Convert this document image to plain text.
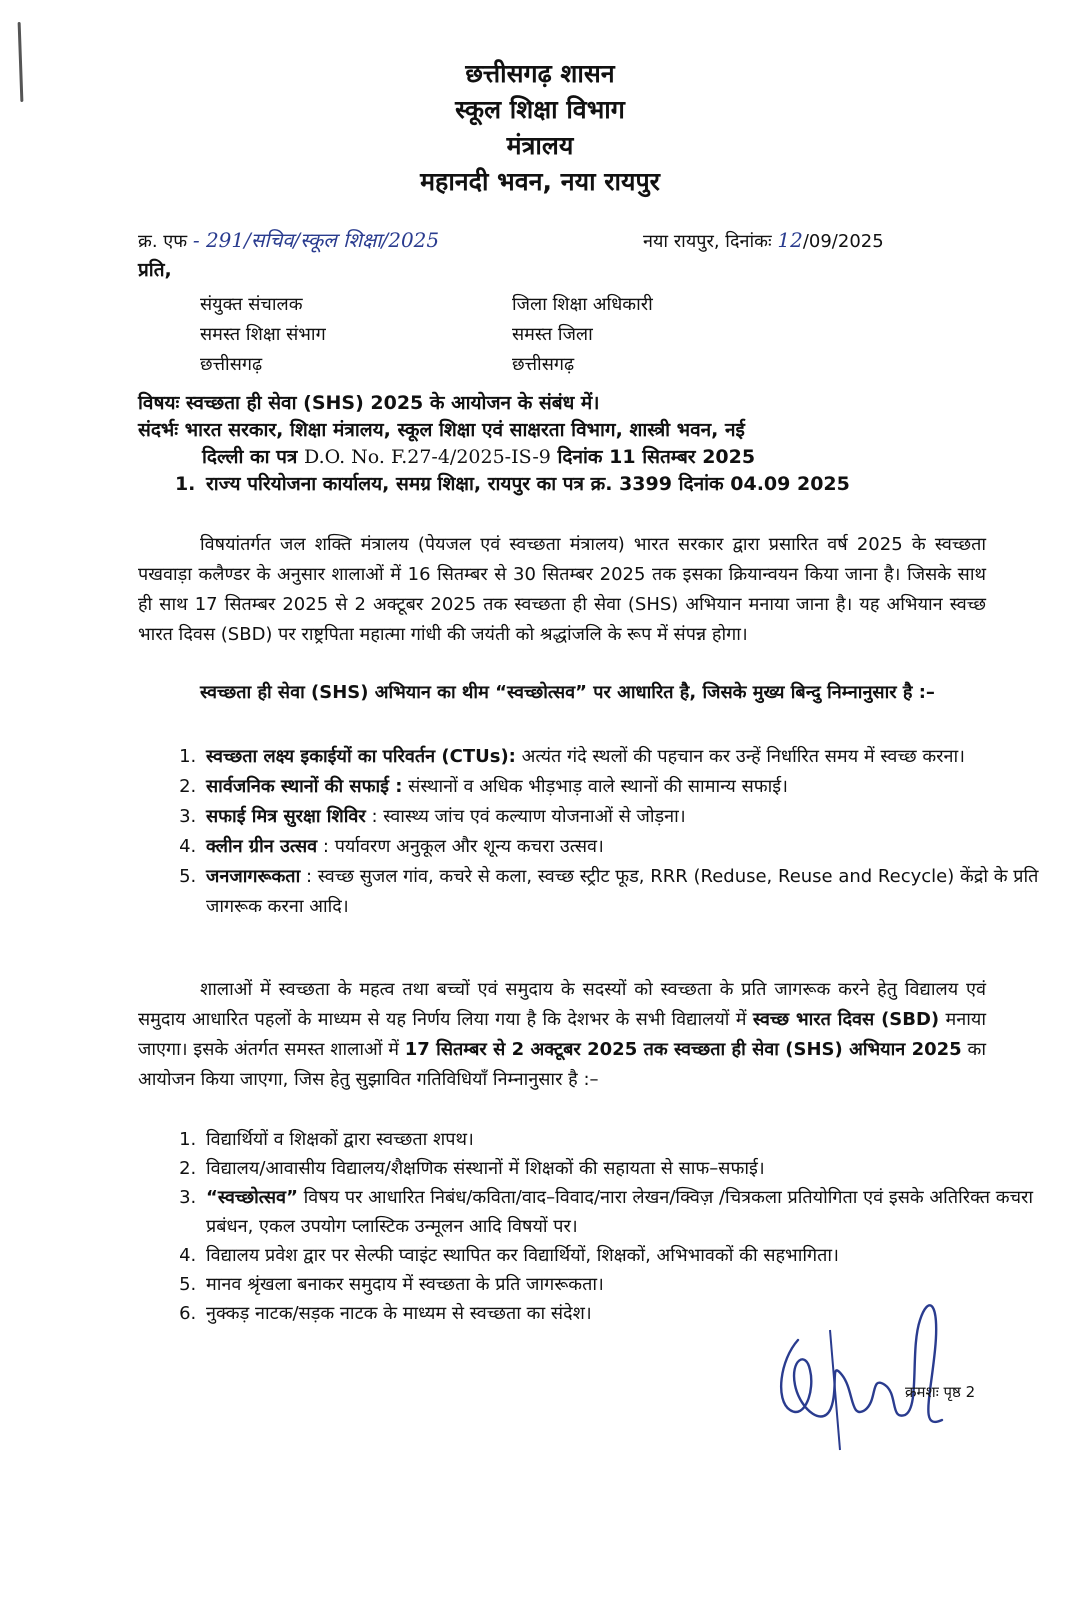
छत्तीसगढ़ शासन
स्कूल शिक्षा विभाग
मंत्रालय
महानदी भवन, नया रायपुर
क्र. एफ - 291/सचिव/स्कूल शिक्षा/2025	नया रायपुर, दिनांकः 12/09/2025
प्रति,
संयुक्त संचालक
समस्त शिक्षा संभाग
छत्तीसगढ़
जिला शिक्षा अधिकारी
समस्त जिला
छत्तीसगढ़
विषयः स्वच्छता ही सेवा (SHS) 2025 के आयोजन के संबंध में।
संदर्भः भारत सरकार, शिक्षा मंत्रालय, स्कूल शिक्षा एवं साक्षरता विभाग, शास्त्री भवन, नई
दिल्ली का पत्र D.O. No. F.27-4/2025-IS-9 दिनांक 11 सितम्बर 2025
1. राज्य परियोजना कार्यालय, समग्र शिक्षा, रायपुर का पत्र क्र. 3399 दिनांक 04.09 2025
विषयांतर्गत जल शक्ति मंत्रालय (पेयजल एवं स्वच्छता मंत्रालय) भारत सरकार द्वारा प्रसारित वर्ष 2025 के स्वच्छता पखवाड़ा कलैण्डर के अनुसार शालाओं में 16 सितम्बर से 30 सितम्बर 2025 तक इसका क्रियान्वयन किया जाना है। जिसके साथ ही साथ 17 सितम्बर 2025 से 2 अक्टूबर 2025 तक स्वच्छता ही सेवा (SHS) अभियान मनाया जाना है। यह अभियान स्वच्छ भारत दिवस (SBD) पर राष्ट्रपिता महात्मा गांधी की जयंती को श्रद्धांजलि के रूप में संपन्न होगा।
स्वच्छता ही सेवा (SHS) अभियान का थीम “स्वच्छोत्सव” पर आधारित है, जिसके मुख्य बिन्दु निम्नानुसार है :–
1. स्वच्छता लक्ष्य इकाईयों का परिवर्तन (CTUs): अत्यंत गंदे स्थलों की पहचान कर उन्हें निर्धारित समय में स्वच्छ करना।
2. सार्वजनिक स्थानों की सफाई : संस्थानों व अधिक भीड़भाड़ वाले स्थानों की सामान्य सफाई।
3. सफाई मित्र सुरक्षा शिविर : स्वास्थ्य जांच एवं कल्याण योजनाओं से जोड़ना।
4. क्लीन ग्रीन उत्सव : पर्यावरण अनुकूल और शून्य कचरा उत्सव।
5. जनजागरूकता : स्वच्छ सुजल गांव, कचरे से कला, स्वच्छ स्ट्रीट फूड, RRR (Reduse, Reuse and Recycle) केंद्रो के प्रति जागरूक करना आदि।
शालाओं में स्वच्छता के महत्व तथा बच्चों एवं समुदाय के सदस्यों को स्वच्छता के प्रति जागरूक करने हेतु विद्यालय एवं समुदाय आधारित पहलों के माध्यम से यह निर्णय लिया गया है कि देशभर के सभी विद्यालयों में स्वच्छ भारत दिवस (SBD) मनाया जाएगा। इसके अंतर्गत समस्त शालाओं में 17 सितम्बर से 2 अक्टूबर 2025 तक स्वच्छता ही सेवा (SHS) अभियान 2025 का आयोजन किया जाएगा, जिस हेतु सुझावित गतिविधियाँ निम्नानुसार है :–
1. विद्यार्थियों व शिक्षकों द्वारा स्वच्छता शपथ।
2. विद्यालय/आवासीय विद्यालय/शैक्षणिक संस्थानों में शिक्षकों की सहायता से साफ–सफाई।
3. “स्वच्छोत्सव” विषय पर आधारित निबंध/कविता/वाद–विवाद/नारा लेखन/क्विज़ /चित्रकला प्रतियोगिता एवं इसके अतिरिक्त कचरा प्रबंधन, एकल उपयोग प्लास्टिक उन्मूलन आदि विषयों पर।
4. विद्यालय प्रवेश द्वार पर सेल्फी प्वाइंट स्थापित कर विद्यार्थियों, शिक्षकों, अभिभावकों की सहभागिता।
5. मानव श्रृंखला बनाकर समुदाय में स्वच्छता के प्रति जागरूकता।
6. नुक्कड़ नाटक/सड़क नाटक के माध्यम से स्वच्छता का संदेश।
क्रमशः पृष्ठ 2
